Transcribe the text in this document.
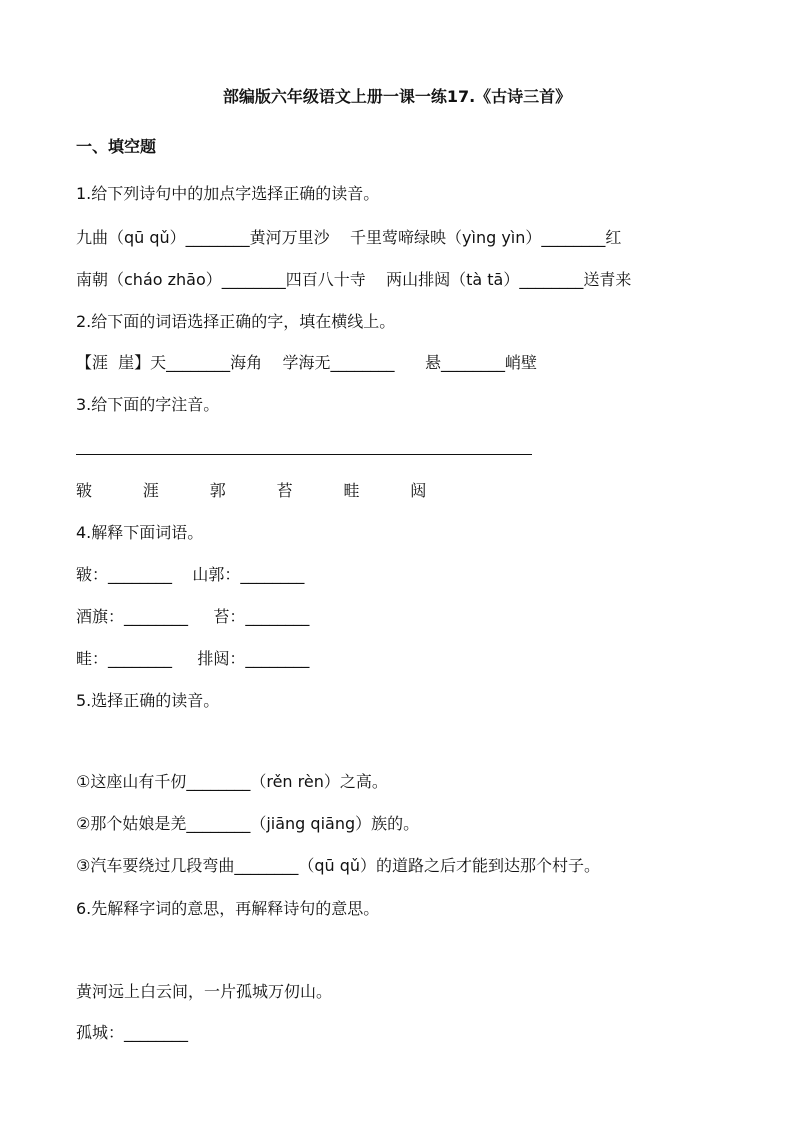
部编版六年级语文上册一课一练17.《古诗三首》
一、填空题
1.给下列诗句中的加点字选择正确的读音。
九曲（qū qǔ）________黄河万里沙    千里莺啼绿映（yìng yìn）________红
南朝（cháo zhāo）________四百八十寺    两山排闼（tà tā）________送青来
2.给下面的词语选择正确的字，填在横线上。
【涯  崖】天________海角    学海无________      悬________峭壁
3.给下面的字注音。
皲          涯          郭          苔          畦          闼
4.解释下面词语。
皲：________    山郭：________
酒旗：________     苔：________
畦：________     排闼：________
5.选择正确的读音。
①这座山有千仞________（rěn rèn）之高。
②那个姑娘是羌________（jiāng qiāng）族的。
③汽车要绕过几段弯曲________（qū qǔ）的道路之后才能到达那个村子。
6.先解释字词的意思，再解释诗句的意思。
黄河远上白云间，一片孤城万仞山。
孤城：________
